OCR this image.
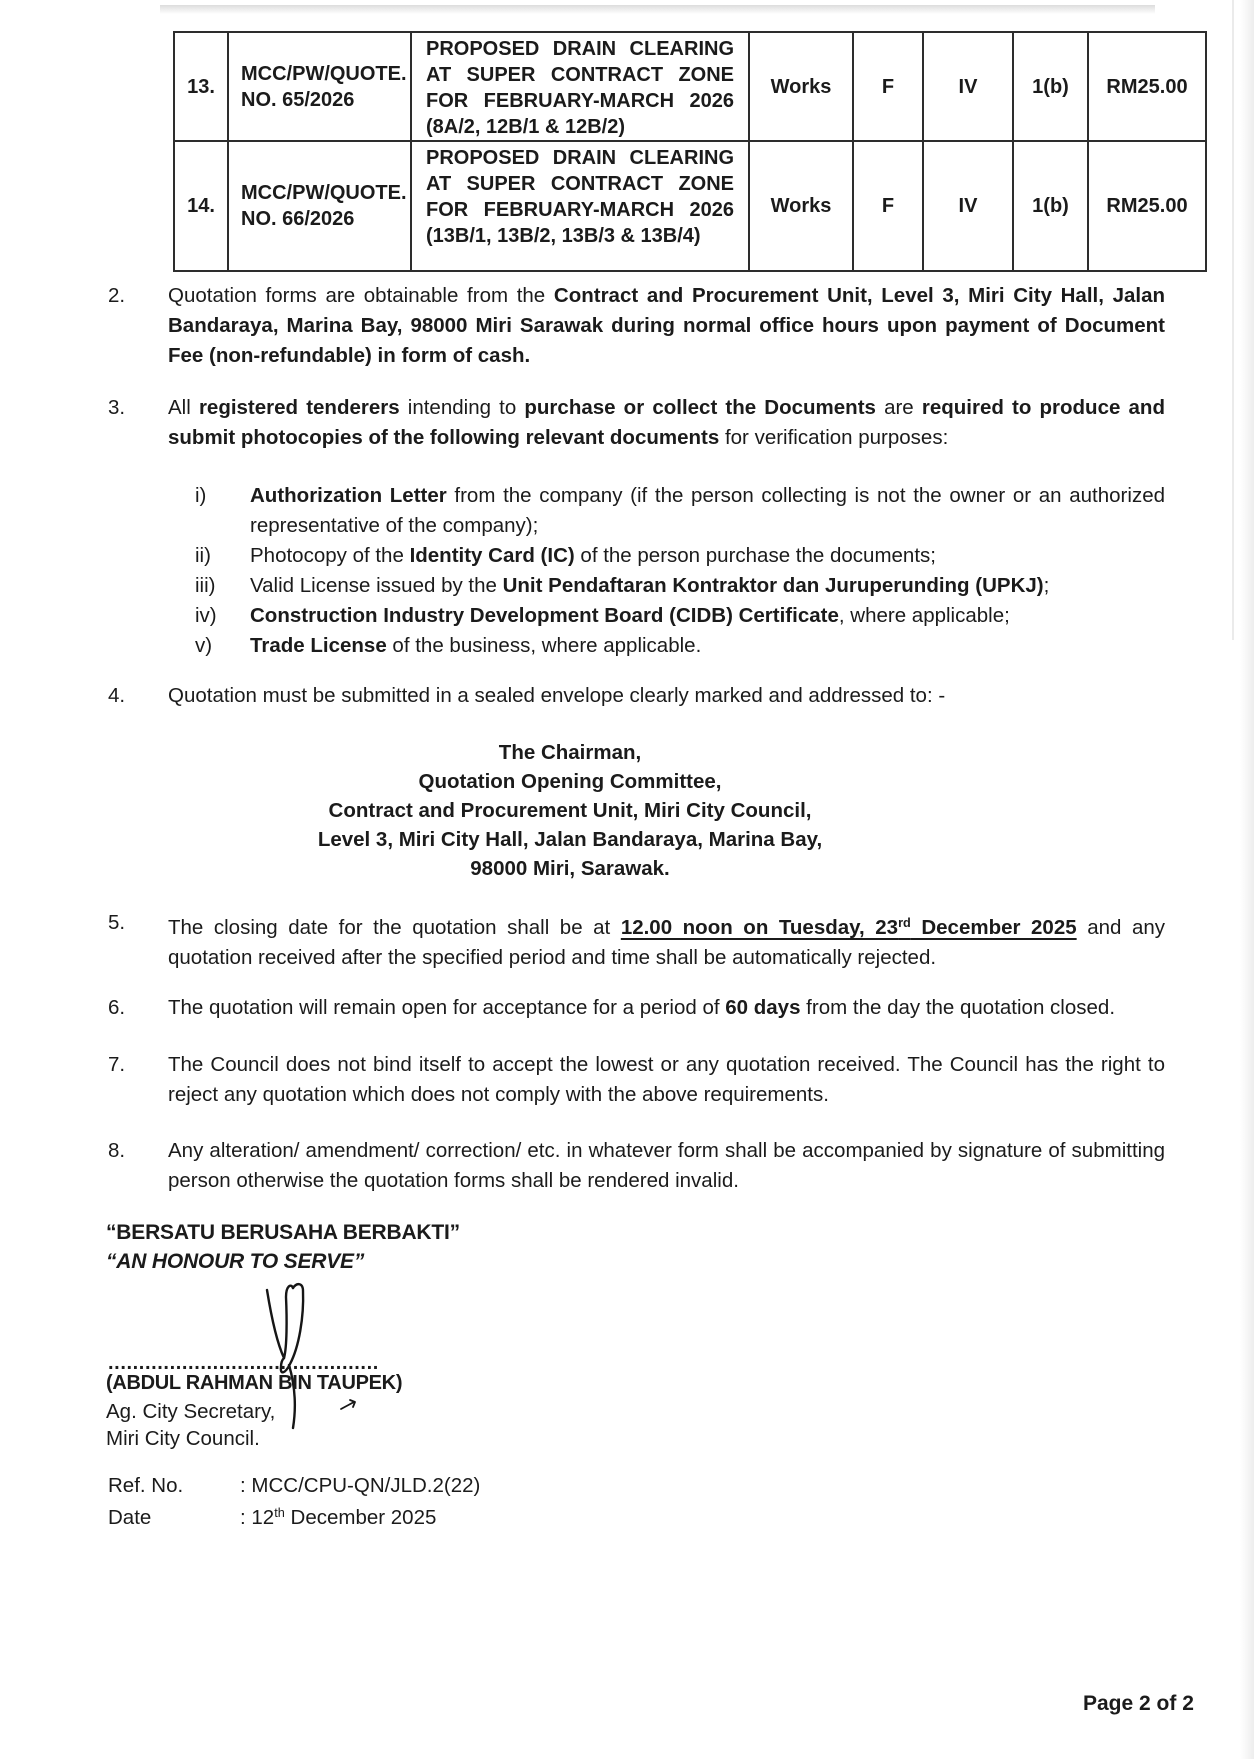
13.	MCC/PW/QUOTE. NO. 65/2026	PROPOSED DRAIN CLEARING AT SUPER CONTRACT ZONE FOR FEBRUARY-MARCH 2026 (8A/2, 12B/1 & 12B/2)	Works	F	IV	1(b)	RM25.00
14.	MCC/PW/QUOTE. NO. 66/2026	PROPOSED DRAIN CLEARING AT SUPER CONTRACT ZONE FOR FEBRUARY-MARCH 2026 (13B/1, 13B/2, 13B/3 & 13B/4)	Works	F	IV	1(b)	RM25.00
2. Quotation forms are obtainable from the Contract and Procurement Unit, Level 3, Miri City Hall, Jalan Bandaraya, Marina Bay, 98000 Miri Sarawak during normal office hours upon payment of Document Fee (non-refundable) in form of cash.
3. All registered tenderers intending to purchase or collect the Documents are required to produce and submit photocopies of the following relevant documents for verification purposes:
i) Authorization Letter from the company (if the person collecting is not the owner or an authorized representative of the company);
ii) Photocopy of the Identity Card (IC) of the person purchase the documents;
iii) Valid License issued by the Unit Pendaftaran Kontraktor dan Juruperunding (UPKJ);
iv) Construction Industry Development Board (CIDB) Certificate, where applicable;
v) Trade License of the business, where applicable.
4. Quotation must be submitted in a sealed envelope clearly marked and addressed to: -
The Chairman,
Quotation Opening Committee,
Contract and Procurement Unit, Miri City Council,
Level 3, Miri City Hall, Jalan Bandaraya, Marina Bay,
98000 Miri, Sarawak.
5. The closing date for the quotation shall be at 12.00 noon on Tuesday, 23rd December 2025 and any quotation received after the specified period and time shall be automatically rejected.
6. The quotation will remain open for acceptance for a period of 60 days from the day the quotation closed.
7. The Council does not bind itself to accept the lowest or any quotation received. The Council has the right to reject any quotation which does not comply with the above requirements.
8. Any alteration/ amendment/ correction/ etc. in whatever form shall be accompanied by signature of submitting person otherwise the quotation forms shall be rendered invalid.
“BERSATU BERUSAHA BERBAKTI”
“AN HONOUR TO SERVE”
............................................
(ABDUL RAHMAN BIN TAUPEK)
Ag. City Secretary,
Miri City Council.
Ref. No.	: MCC/CPU-QN/JLD.2(22)
Date	: 12th December 2025
Page 2 of 2
